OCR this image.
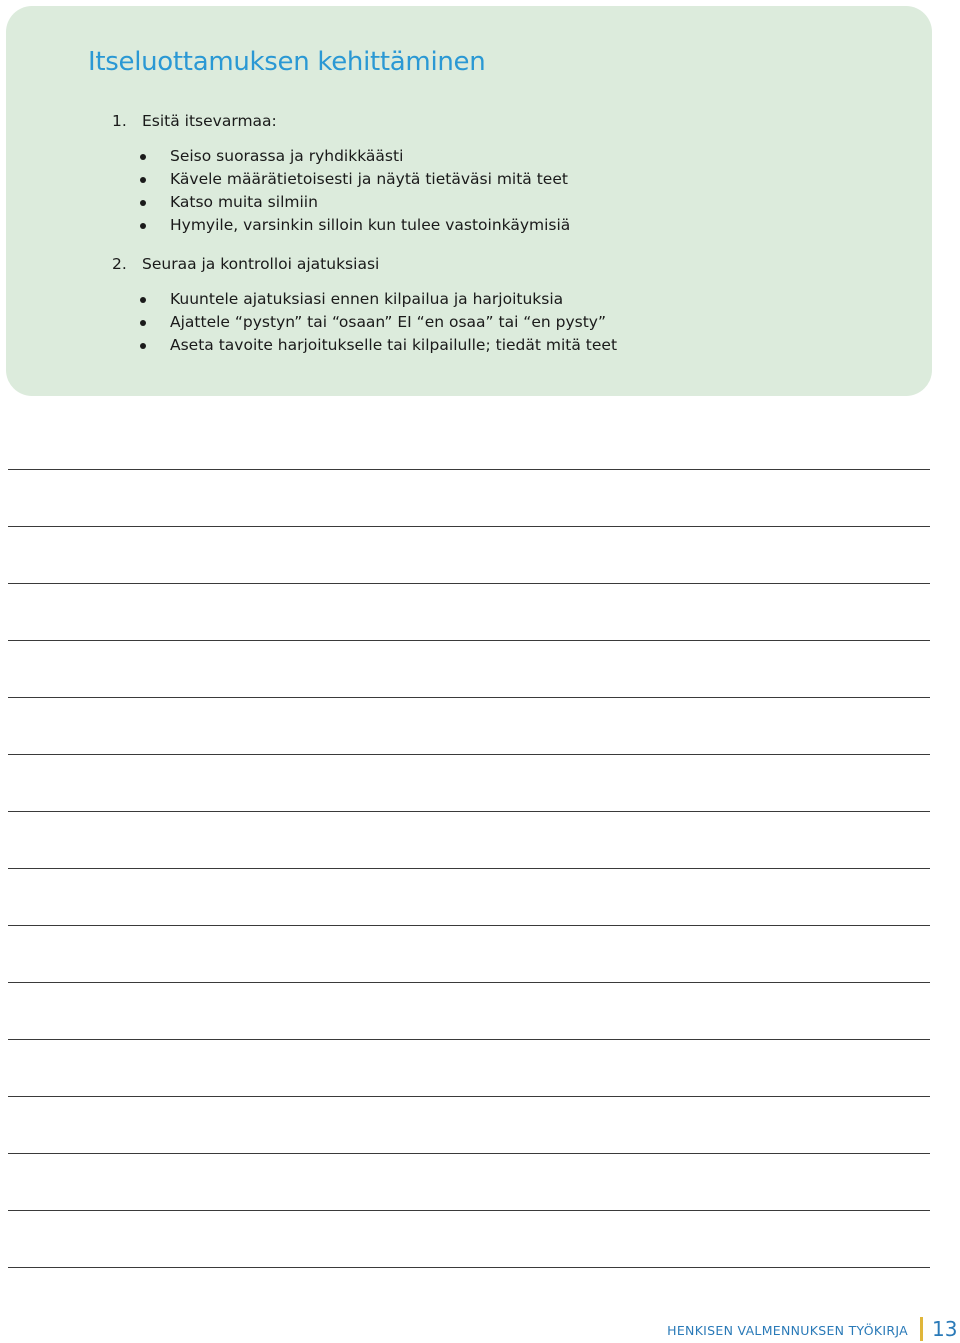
Itseluottamuksen kehittäminen
1. Esitä itsevarmaa:
Seiso suorassa ja ryhdikkäästi
Kävele määrätietoisesti ja näytä tietäväsi mitä teet
Katso muita silmiin
Hymyile, varsinkin silloin kun tulee vastoinkäymisiä
2. Seuraa ja kontrolloi ajatuksiasi
Kuuntele ajatuksiasi ennen kilpailua ja harjoituksia
Ajattele “pystyn” tai “osaan” EI “en osaa” tai “en pysty”
Aseta tavoite harjoitukselle tai kilpailulle; tiedät mitä teet
HENKISEN VALMENNUKSEN TYÖKIRJA 13
